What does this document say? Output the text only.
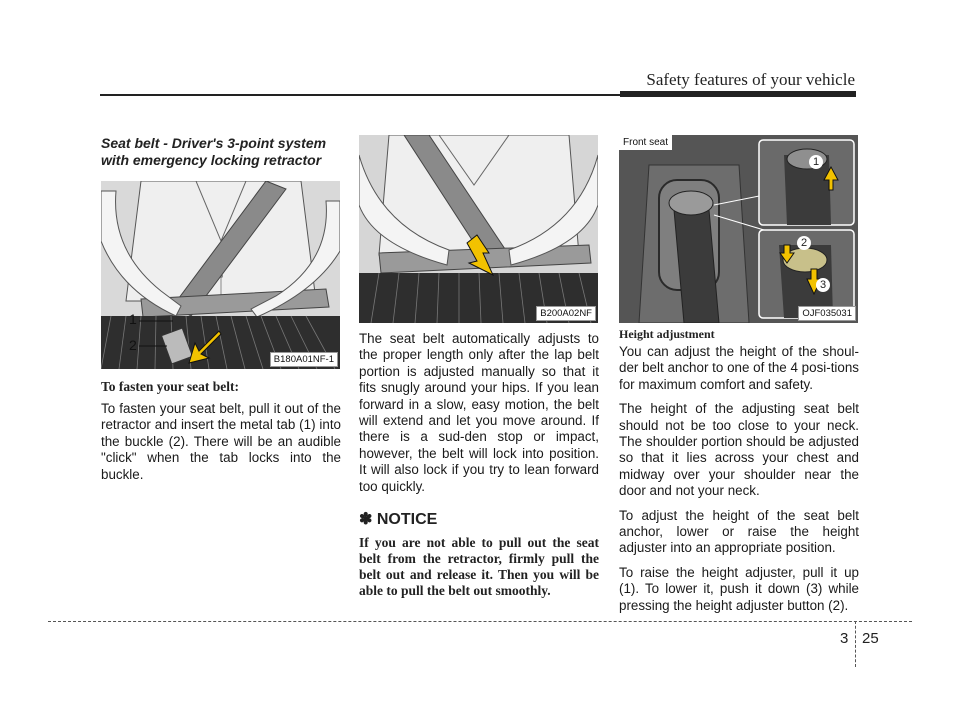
Safety features of your vehicle
Seat belt - Driver's 3-point system with emergency locking retractor
1
2
B180A01NF-1
To fasten your seat belt:

To fasten your seat belt, pull it out of the retractor and insert the metal tab (1) into the buckle (2). There will be an audible "click" when the tab locks into the buckle.

B200A02NF

The seat belt automatically adjusts to the proper length only after the lap belt portion is adjusted manually so that it fits snugly around your hips. If you lean forward in a slow, easy motion, the belt will extend and let you move around. If there is a sud-den stop or impact, however, the belt will lock into position. It will also lock if you try to lean forward too quickly.

✽ NOTICE

If you are not able to pull out the seat belt from the retractor, firmly pull the belt out and release it. Then you will be able to pull the belt out smoothly.

Front seat
1
2
3
OJF035031
Height adjustment

You can adjust the height of the shoul-der belt anchor to one of the 4 posi-tions for maximum comfort and safety.

The height of the adjusting seat belt should not be too close to your neck. The shoulder portion should be adjusted so that it lies across your chest and midway over your shoulder near the door and not your neck.

To adjust the height of the seat belt anchor, lower or raise the height adjuster into an appropriate position.

To raise the height adjuster, pull it up (1). To lower it, push it down (3) while pressing the height adjuster button (2).

3 25
